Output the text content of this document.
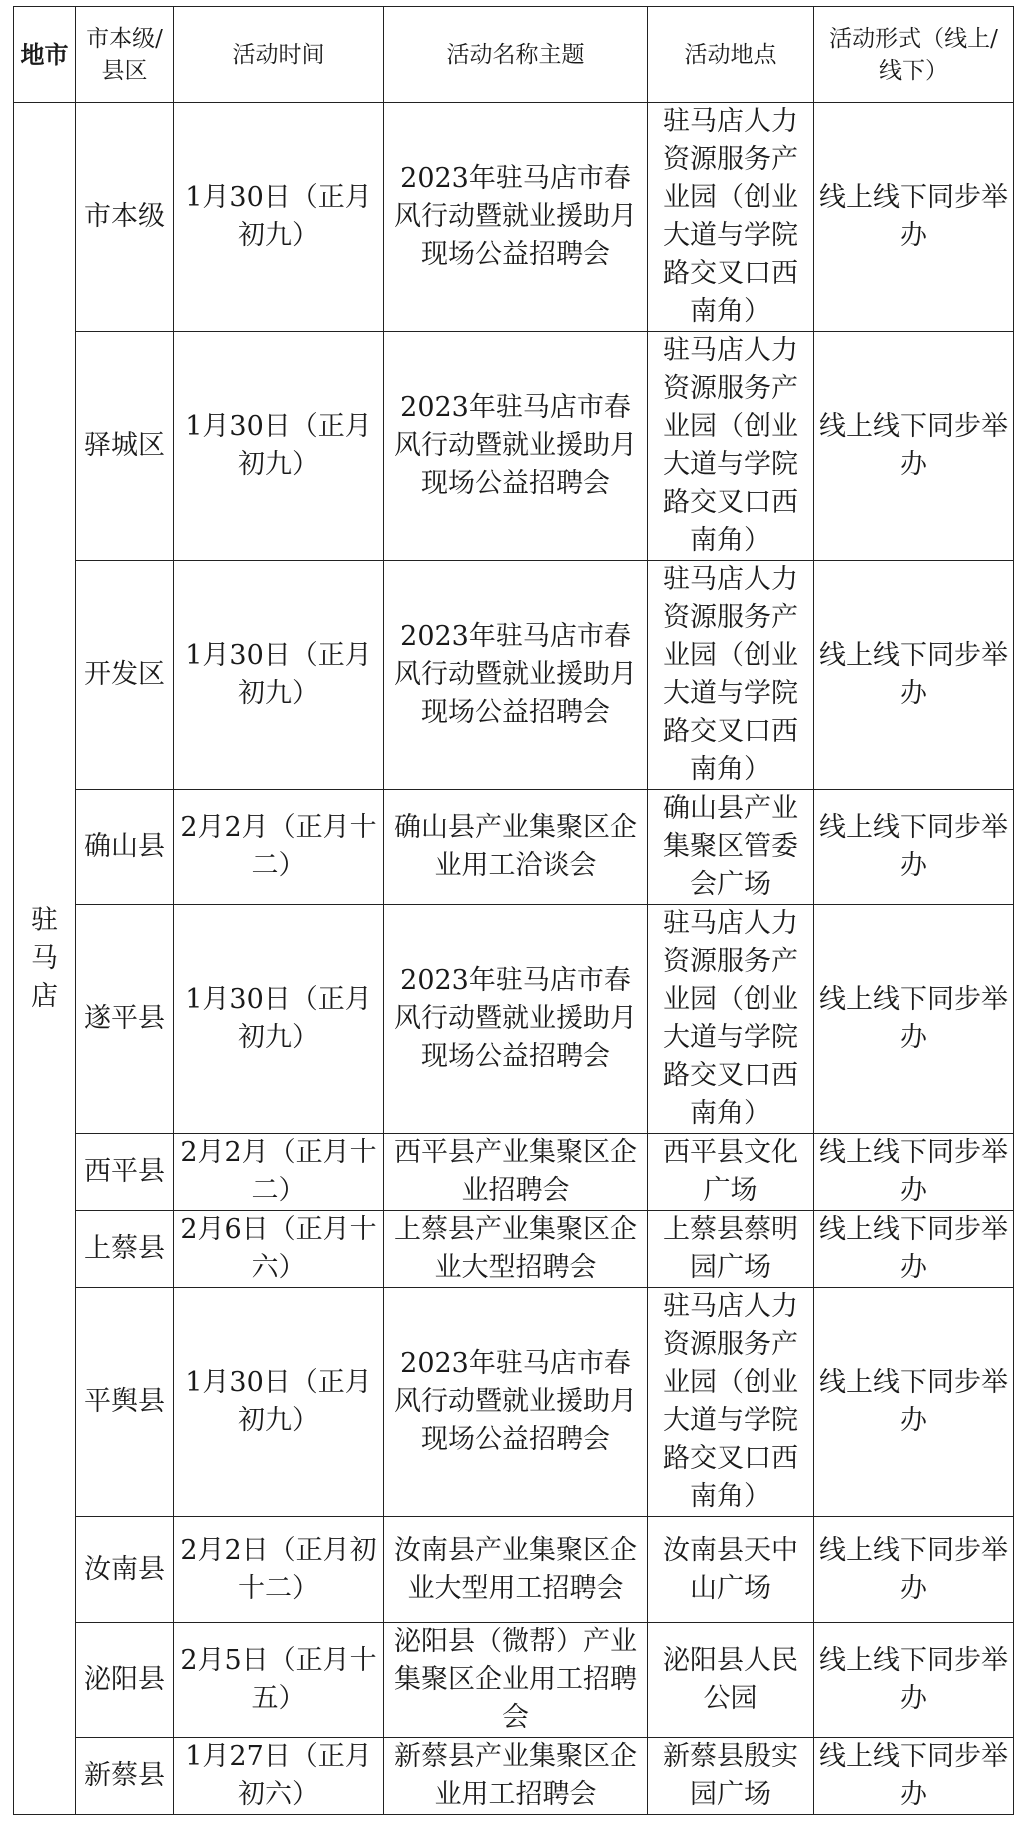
地市	市本级/县区	活动时间	活动名称主题	活动地点	活动形式（线上/线下）
驻马店	市本级	1月30日（正月初九）	2023年驻马店市春风行动暨就业援助月现场公益招聘会	驻马店人力资源服务产业园（创业大道与学院路交叉口西南角）	线上线下同步举办
	驿城区	1月30日（正月初九）	2023年驻马店市春风行动暨就业援助月现场公益招聘会	驻马店人力资源服务产业园（创业大道与学院路交叉口西南角）	线上线下同步举办
	开发区	1月30日（正月初九）	2023年驻马店市春风行动暨就业援助月现场公益招聘会	驻马店人力资源服务产业园（创业大道与学院路交叉口西南角）	线上线下同步举办
	确山县	2月2月（正月十二）	确山县产业集聚区企业用工洽谈会	确山县产业集聚区管委会广场	线上线下同步举办
	遂平县	1月30日（正月初九）	2023年驻马店市春风行动暨就业援助月现场公益招聘会	驻马店人力资源服务产业园（创业大道与学院路交叉口西南角）	线上线下同步举办
	西平县	2月2月（正月十二）	西平县产业集聚区企业招聘会	西平县文化广场	线上线下同步举办
	上蔡县	2月6日（正月十六）	上蔡县产业集聚区企业大型招聘会	上蔡县蔡明园广场	线上线下同步举办
	平舆县	1月30日（正月初九）	2023年驻马店市春风行动暨就业援助月现场公益招聘会	驻马店人力资源服务产业园（创业大道与学院路交叉口西南角）	线上线下同步举办
	汝南县	2月2日（正月初十二）	汝南县产业集聚区企业大型用工招聘会	汝南县天中山广场	线上线下同步举办
	泌阳县	2月5日（正月十五）	泌阳县（微帮）产业集聚区企业用工招聘会	泌阳县人民公园	线上线下同步举办
	新蔡县	1月27日（正月初六）	新蔡县产业集聚区企业用工招聘会	新蔡县殷实园广场	线上线下同步举办
